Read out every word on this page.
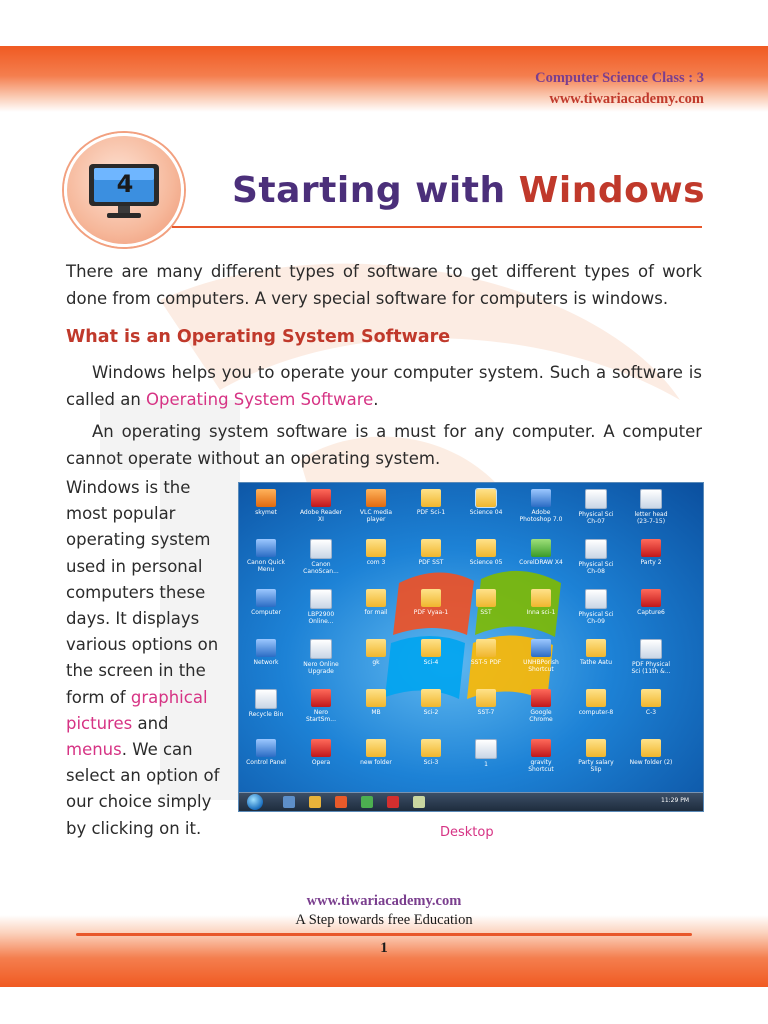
Computer Science Class : 3
www.tiwariacademy.com
4	Starting with Windows
There are many different types of software to get different types of work done from computers. A very special software for computers is windows.
What is an Operating System Software
Windows helps you to operate your computer system. Such a software is called an Operating System Software.
An operating system software is a must for any computer. A computer cannot operate without an operating system.
Windows is the most popular operating system used in personal computers these days. It displays various options on the screen in the form of graphical pictures and menus. We can select an option of our choice simply by clicking on it.
skymet	Adobe Reader XI
VLC media player
PDF Sci-1	Science 04	Adobe Photoshop 7.0
Physical Sci Ch-07
letter head (23-7-15)
Canon Quick Menu
Canon CanoScan...
com 3	PDF SST	Science 05	CorelDRAW X4	Physical Sci Ch-08
Party 2
Computer	LBP2900 Online...
for mail	PDF Vyaa-1	SST	Inna sci-1	Physical Sci Ch-09
Capture6
Network	Nero Online Upgrade
gk	Sci-4	SST-5 PDF	UNHBPorish Shortcut
Tathe Aatu	PDF Physical Sci (11th &...
Recycle Bin	Nero StartSm...
MB	Sci-2	SST-7	Google Chrome
computer-8	C-3
Control Panel	Opera	new folder	Sci-3	1	gravity Shortcut
Party salary Slip
New folder (2)
11:29 PM
Desktop
www.tiwariacademy.com
A Step towards free Education
1
